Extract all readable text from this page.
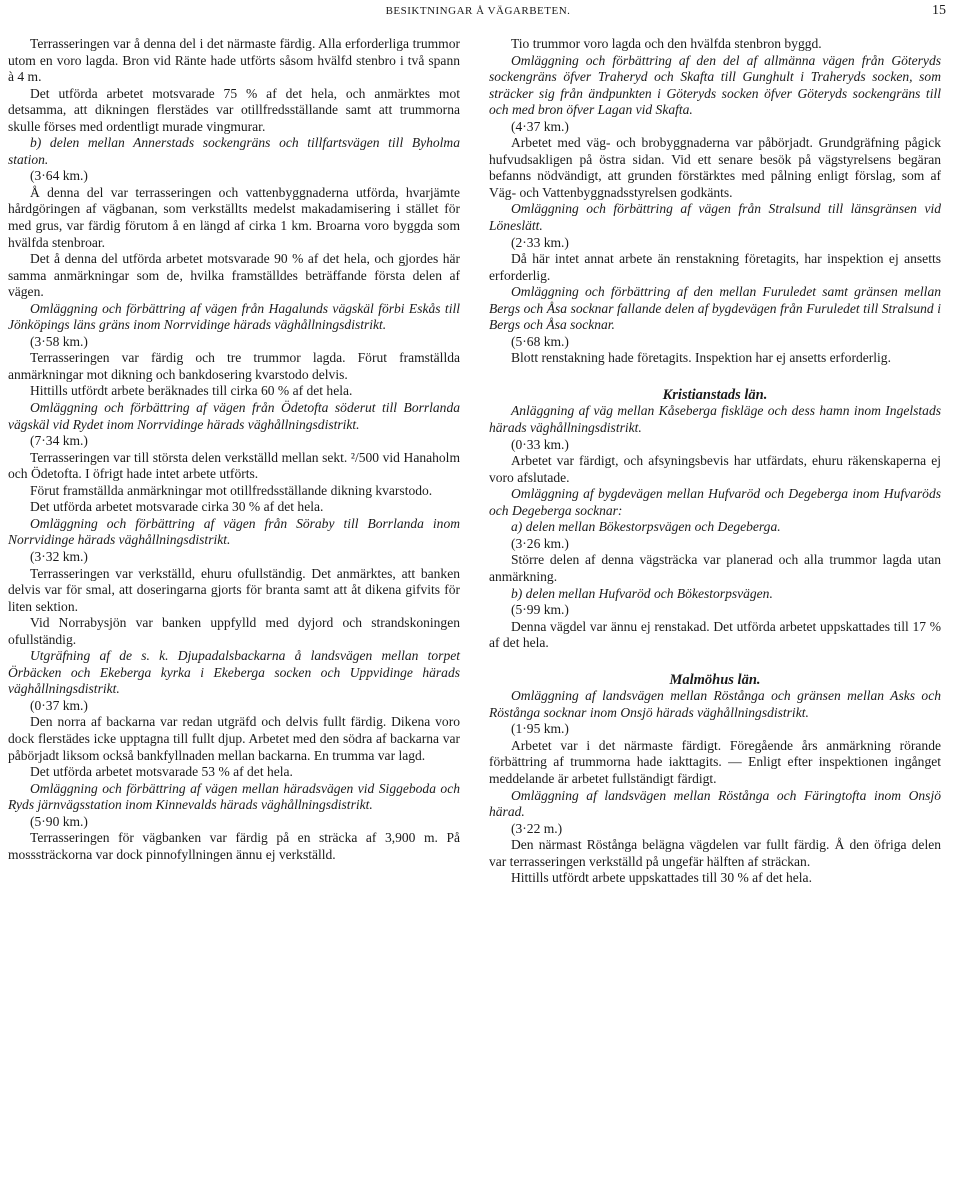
BESIKTNINGAR Å VÄGARBETEN.	15

Terrasseringen var å denna del i det närmaste färdig. Alla erforderliga trummor utom en voro lagda. Bron vid Ränte hade utförts såsom hvälfd stenbro i två spann à 4 m.

Det utförda arbetet motsvarade 75 % af det hela, och anmärktes mot detsamma, att dikningen flerstädes var otillfredsställande samt att trummorna skulle förses med ordentligt murade vingmurar.

b) delen mellan Annerstads sockengräns och tillfartsvägen till Byholma station.

(3·64 km.)

Å denna del var terrasseringen och vattenbyggnaderna utförda, hvarjämte hårdgöringen af vägbanan, som verkställts medelst makadamisering i stället för med grus, var färdig förutom å en längd af cirka 1 km. Broarna voro byggda som hvälfda stenbroar.

Det å denna del utförda arbetet motsvarade 90 % af det hela, och gjordes här samma anmärkningar som de, hvilka framställdes beträffande första delen af vägen.

Omläggning och förbättring af vägen från Hagalunds vägskäl förbi Eskås till Jönköpings läns gräns inom Norrvidinge härads väghållningsdistrikt.

(3·58 km.)

Terrasseringen var färdig och tre trummor lagda. Förut framställda anmärkningar mot dikning och bankdosering kvarstodo delvis.

Hittills utfördt arbete beräknades till cirka 60 % af det hela.

Omläggning och förbättring af vägen från Ödetofta söderut till Borrlanda vägskäl vid Rydet inom Norrvidinge härads väghållningsdistrikt.

(7·34 km.)

Terrasseringen var till största delen verkställd mellan sekt. ²/500 vid Hanaholm och Ödetofta. I öfrigt hade intet arbete utförts.

Förut framställda anmärkningar mot otillfredsställande dikning kvarstodo.

Det utförda arbetet motsvarade cirka 30 % af det hela.

Omläggning och förbättring af vägen från Söraby till Borrlanda inom Norrvidinge härads väghållningsdistrikt.

(3·32 km.)

Terrasseringen var verkställd, ehuru ofullständig. Det anmärktes, att banken delvis var för smal, att doseringarna gjorts för branta samt att åt dikena gifvits för liten sektion.

Vid Norrabysjön var banken uppfylld med dyjord och strandskoningen ofullständig.

Utgräfning af de s. k. Djupadalsbackarna å landsvägen mellan torpet Örbäcken och Ekeberga kyrka i Ekeberga socken och Uppvidinge härads väghållningsdistrikt.

(0·37 km.)

Den norra af backarna var redan utgräfd och delvis fullt färdig. Dikena voro dock flerstädes icke upptagna till fullt djup. Arbetet med den södra af backarna var påbörjadt liksom också bankfyllnaden mellan backarna. En trumma var lagd.

Det utförda arbetet motsvarade 53 % af det hela.

Omläggning och förbättring af vägen mellan häradsvägen vid Siggeboda och Ryds järnvägsstation inom Kinnevalds härads väghållningsdistrikt.

(5·90 km.)

Terrasseringen för vägbanken var färdig på en sträcka af 3,900 m. På mosssträckorna var dock pinnofyllningen ännu ej verkställd.

Tio trummor voro lagda och den hvälfda stenbron byggd.

Omläggning och förbättring af den del af allmänna vägen från Göteryds sockengräns öfver Traheryd och Skafta till Gunghult i Traheryds socken, som sträcker sig från ändpunkten i Göteryds socken öfver Göteryds sockengräns till och med bron öfver Lagan vid Skafta.

(4·37 km.)

Arbetet med väg- och brobyggnaderna var påbörjadt. Grundgräfning pågick hufvudsakligen på östra sidan. Vid ett senare besök på vägstyrelsens begäran befanns nödvändigt, att grunden förstärktes med pålning enligt förslag, som af Väg- och Vattenbyggnadsstyrelsen godkänts.

Omläggning och förbättring af vägen från Stralsund till länsgränsen vid Löneslätt.

(2·33 km.)

Då här intet annat arbete än renstakning företagits, har inspektion ej ansetts erforderlig.

Omläggning och förbättring af den mellan Furuledet samt gränsen mellan Bergs och Åsa socknar fallande delen af bygdevägen från Furuledet till Stralsund i Bergs och Åsa socknar.

(5·68 km.)

Blott renstakning hade företagits. Inspektion har ej ansetts erforderlig.

Kristianstads län.

Anläggning af väg mellan Kåseberga fiskläge och dess hamn inom Ingelstads härads väghållningsdistrikt.

(0·33 km.)

Arbetet var färdigt, och afsyningsbevis har utfärdats, ehuru räkenskaperna ej voro afslutade.

Omläggning af bygdevägen mellan Hufvaröd och Degeberga inom Hufvaröds och Degeberga socknar:

a) delen mellan Bökestorpsvägen och Degeberga.

(3·26 km.)

Större delen af denna vägsträcka var planerad och alla trummor lagda utan anmärkning.

b) delen mellan Hufvaröd och Bökestorpsvägen.

(5·99 km.)

Denna vägdel var ännu ej renstakad. Det utförda arbetet uppskattades till 17 % af det hela.

Malmöhus län.

Omläggning af landsvägen mellan Röstånga och gränsen mellan Asks och Röstånga socknar inom Onsjö härads väghållningsdistrikt.

(1·95 km.)

Arbetet var i det närmaste färdigt. Föregående års anmärkning rörande förbättring af trummorna hade iakttagits. — Enligt efter inspektionen ingånget meddelande är arbetet fullständigt färdigt.

Omläggning af landsvägen mellan Röstånga och Färingtofta inom Onsjö härad.

(3·22 m.)

Den närmast Röstånga belägna vägdelen var fullt färdig. Å den öfriga delen var terrasseringen verkställd på ungefär hälften af sträckan.

Hittills utfördt arbete uppskattades till 30 % af det hela.
